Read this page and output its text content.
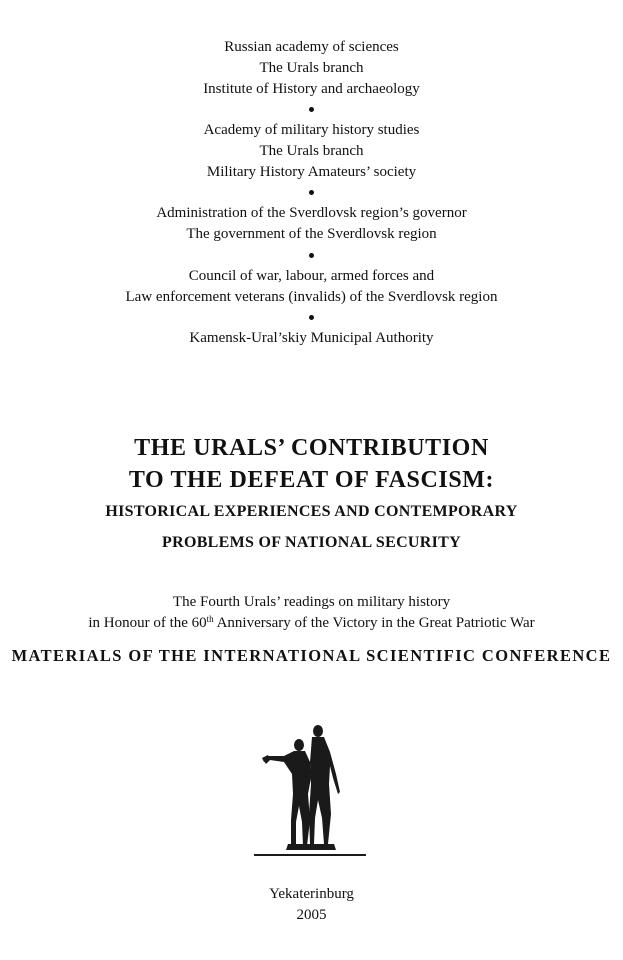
Russian academy of sciences
The Urals branch
Institute of History and archaeology
Academy of military history studies
The Urals branch
Military History Amateurs’ society
Administration of the Sverdlovsk region’s governor
The government of the Sverdlovsk region
Council of war, labour, armed forces and
Law enforcement veterans (invalids) of the Sverdlovsk region
Kamensk-Ural’skiy Municipal Authority
THE URALS’ CONTRIBUTION
TO THE DEFEAT OF FASCISM:
HISTORICAL EXPERIENCES AND CONTEMPORARY
PROBLEMS OF NATIONAL SECURITY
The Fourth Urals’ readings on military history
in Honour of the 60th Anniversary of the Victory in the Great Patriotic War
MATERIALS OF THE INTERNATIONAL SCIENTIFIC CONFERENCE
Yekaterinburg
2005
